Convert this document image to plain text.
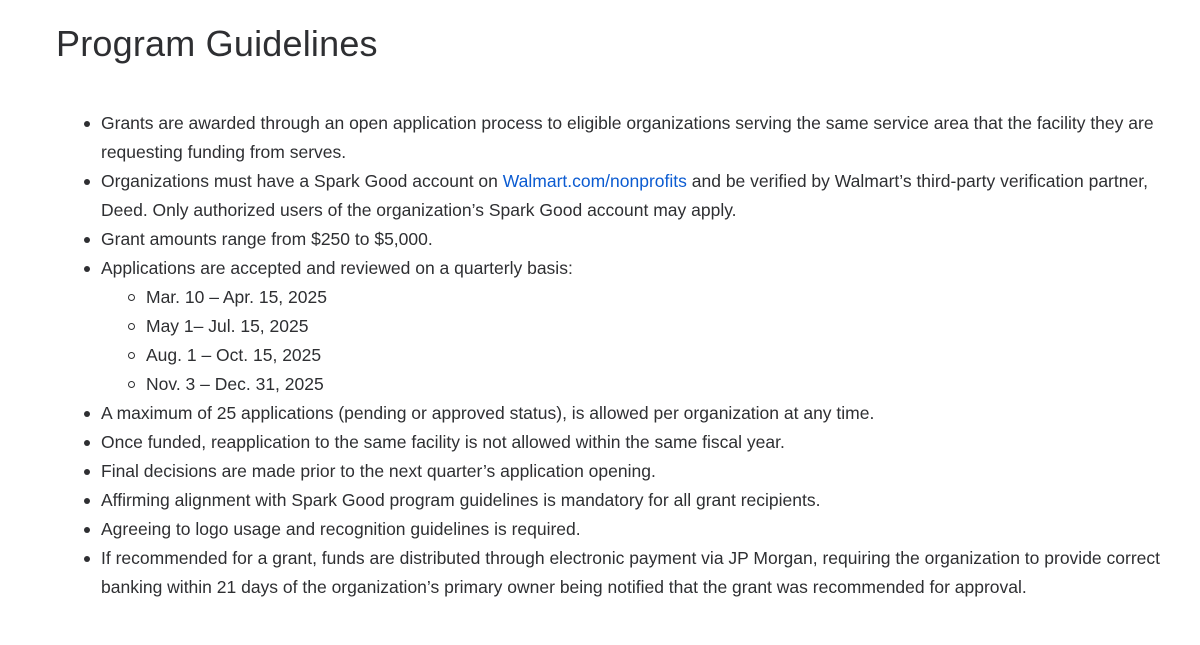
Program Guidelines
Grants are awarded through an open application process to eligible organizations serving the same service area that the facility they are requesting funding from serves.
Organizations must have a Spark Good account on Walmart.com/nonprofits and be verified by Walmart’s third-party verification partner, Deed. Only authorized users of the organization’s Spark Good account may apply.
Grant amounts range from $250 to $5,000.
Applications are accepted and reviewed on a quarterly basis:
Mar. 10 – Apr. 15, 2025
May 1– Jul. 15, 2025
Aug. 1 – Oct. 15, 2025
Nov. 3 – Dec. 31, 2025
A maximum of 25 applications (pending or approved status), is allowed per organization at any time.
Once funded, reapplication to the same facility is not allowed within the same fiscal year.
Final decisions are made prior to the next quarter’s application opening.
Affirming alignment with Spark Good program guidelines is mandatory for all grant recipients.
Agreeing to logo usage and recognition guidelines is required.
If recommended for a grant, funds are distributed through electronic payment via JP Morgan, requiring the organization to provide correct banking within 21 days of the organization’s primary owner being notified that the grant was recommended for approval.
